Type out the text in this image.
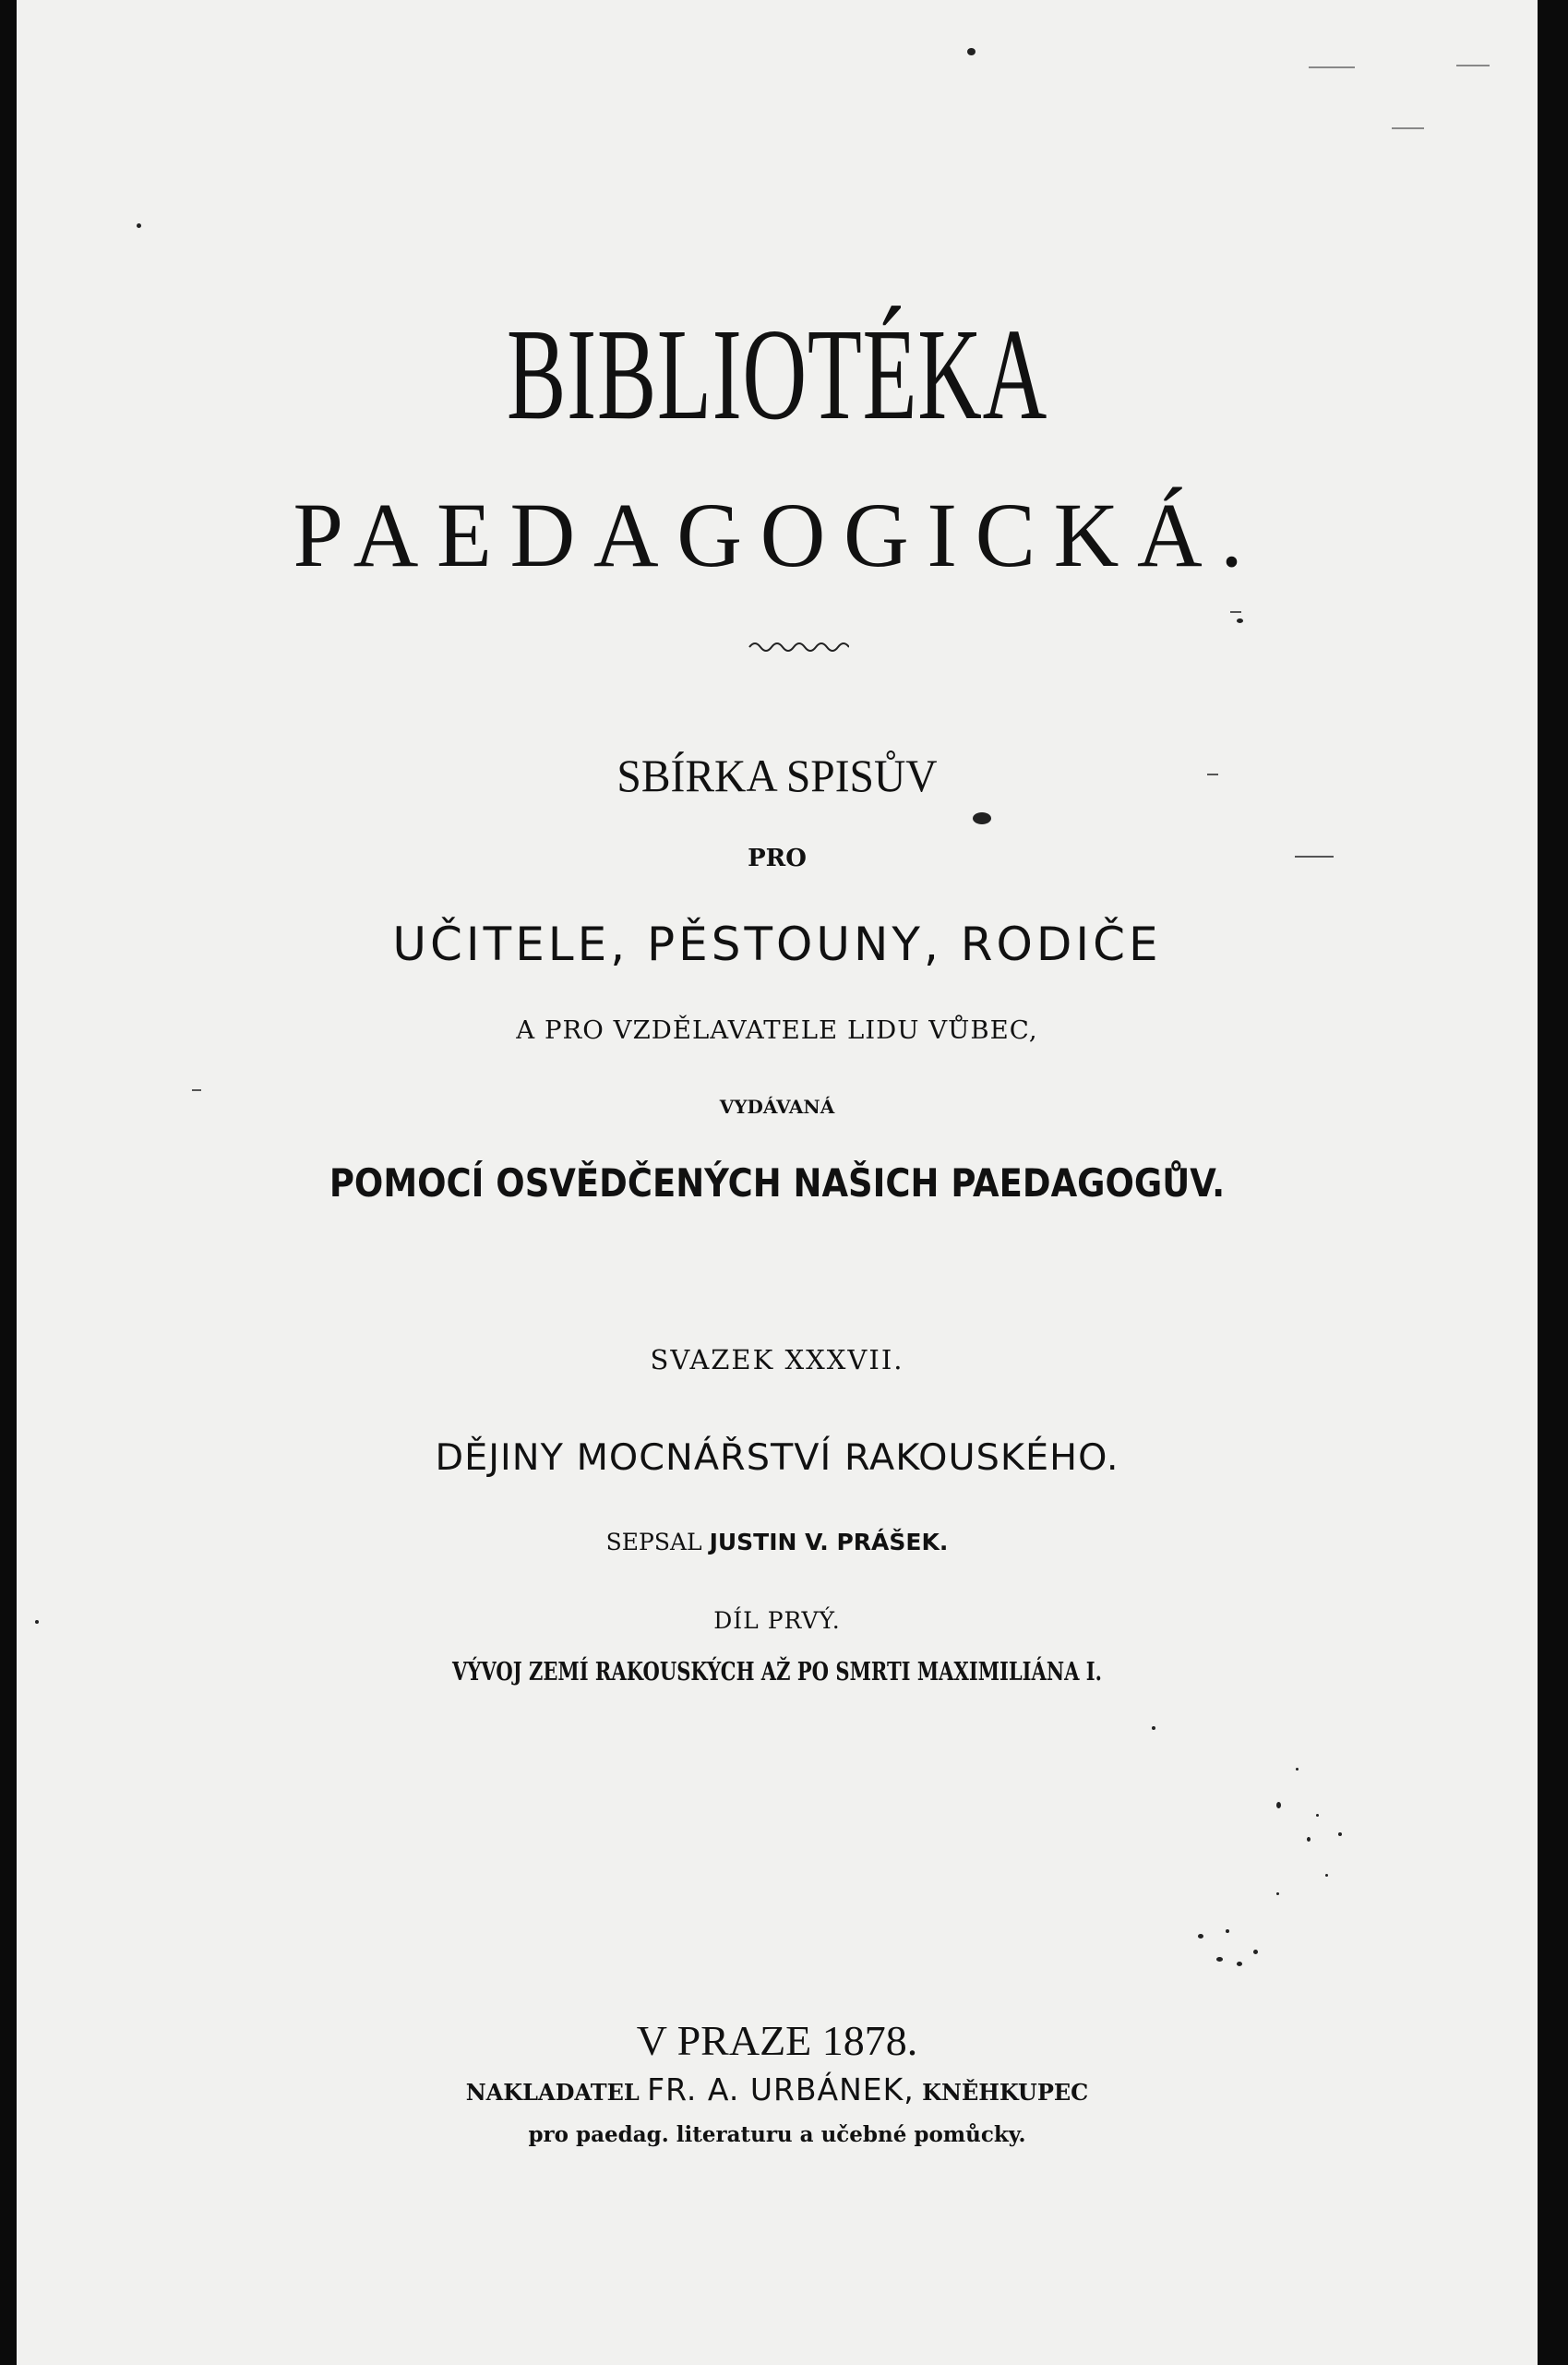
BIBLIOTÉKA
PAEDAGOGICKÁ.
SBÍRKA SPISŮV
PRO
UČITELE, PĚSTOUNY, RODIČE
A PRO VZDĚLAVATELE LIDU VŮBEC,
VYDÁVANÁ
POMOCÍ OSVĚDČENÝCH NAŠICH PAEDAGOGŮV.
SVAZEK XXXVII.
DĚJINY MOCNÁŘSTVÍ RAKOUSKÉHO.
SEPSAL JUSTIN V. PRÁŠEK.
DÍL PRVÝ.
VÝVOJ ZEMÍ RAKOUSKÝCH AŽ PO SMRTI MAXIMILIÁNA I.
V PRAZE 1878.
NAKLADATEL FR. A. URBÁNEK, KNĚHKUPEC
pro paedag. literaturu a učebné pomůcky.
